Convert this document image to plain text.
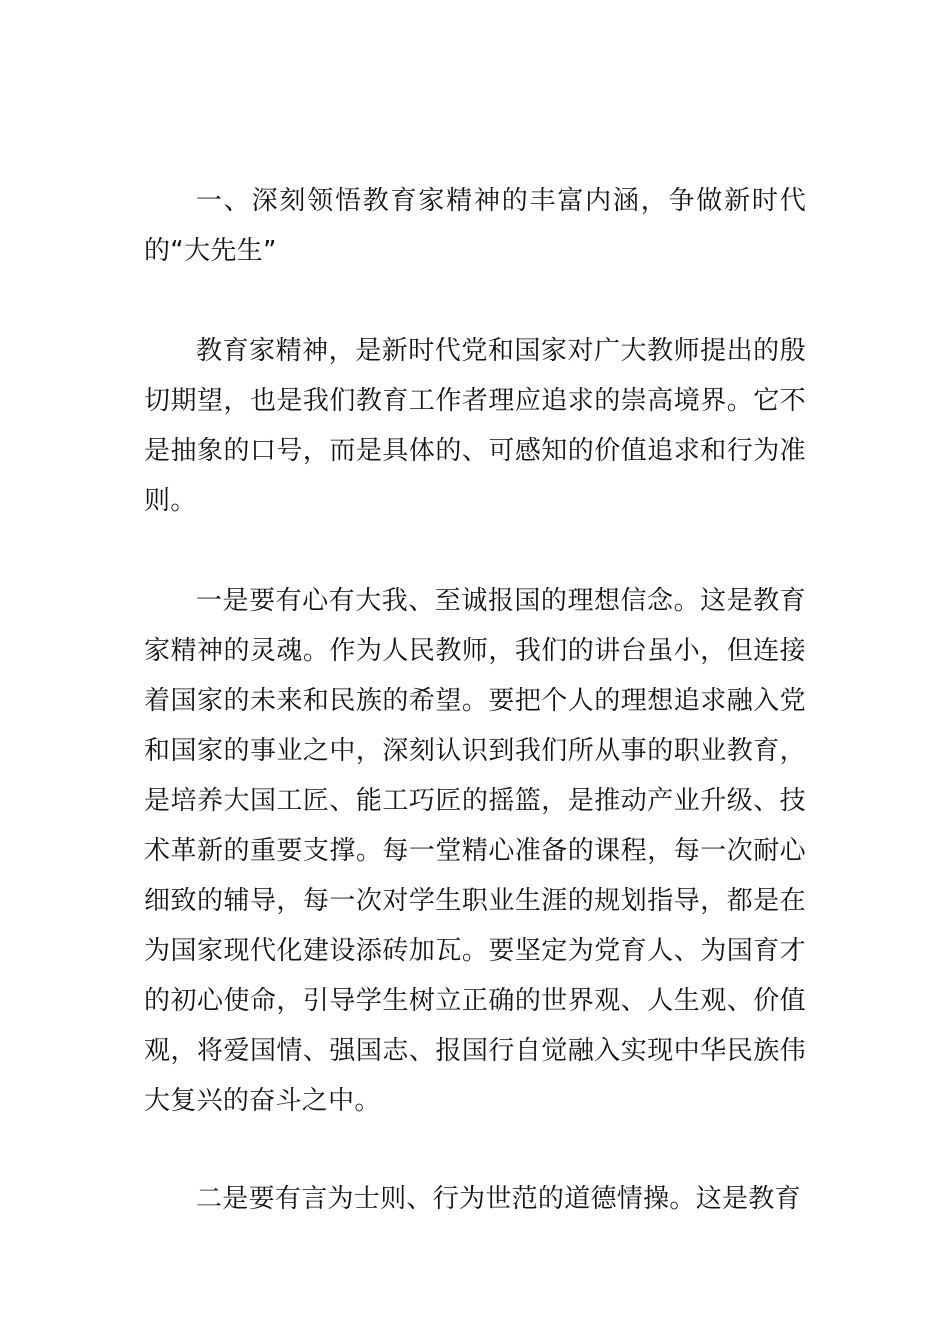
一、深刻领悟教育家精神的丰富内涵，争做新时代的“大先生”

教育家精神，是新时代党和国家对广大教师提出的殷切期望，也是我们教育工作者理应追求的崇高境界。它不是抽象的口号，而是具体的、可感知的价值追求和行为准则。

一是要有心有大我、至诚报国的理想信念。这是教育家精神的灵魂。作为人民教师，我们的讲台虽小，但连接着国家的未来和民族的希望。要把个人的理想追求融入党和国家的事业之中，深刻认识到我们所从事的职业教育，是培养大国工匠、能工巧匠的摇篮，是推动产业升级、技术革新的重要支撑。每一堂精心准备的课程，每一次耐心细致的辅导，每一次对学生职业生涯的规划指导，都是在为国家现代化建设添砖加瓦。要坚定为党育人、为国育才的初心使命，引导学生树立正确的世界观、人生观、价值观，将爱国情、强国志、报国行自觉融入实现中华民族伟大复兴的奋斗之中。

二是要有言为士则、行为世范的道德情操。这是教育
